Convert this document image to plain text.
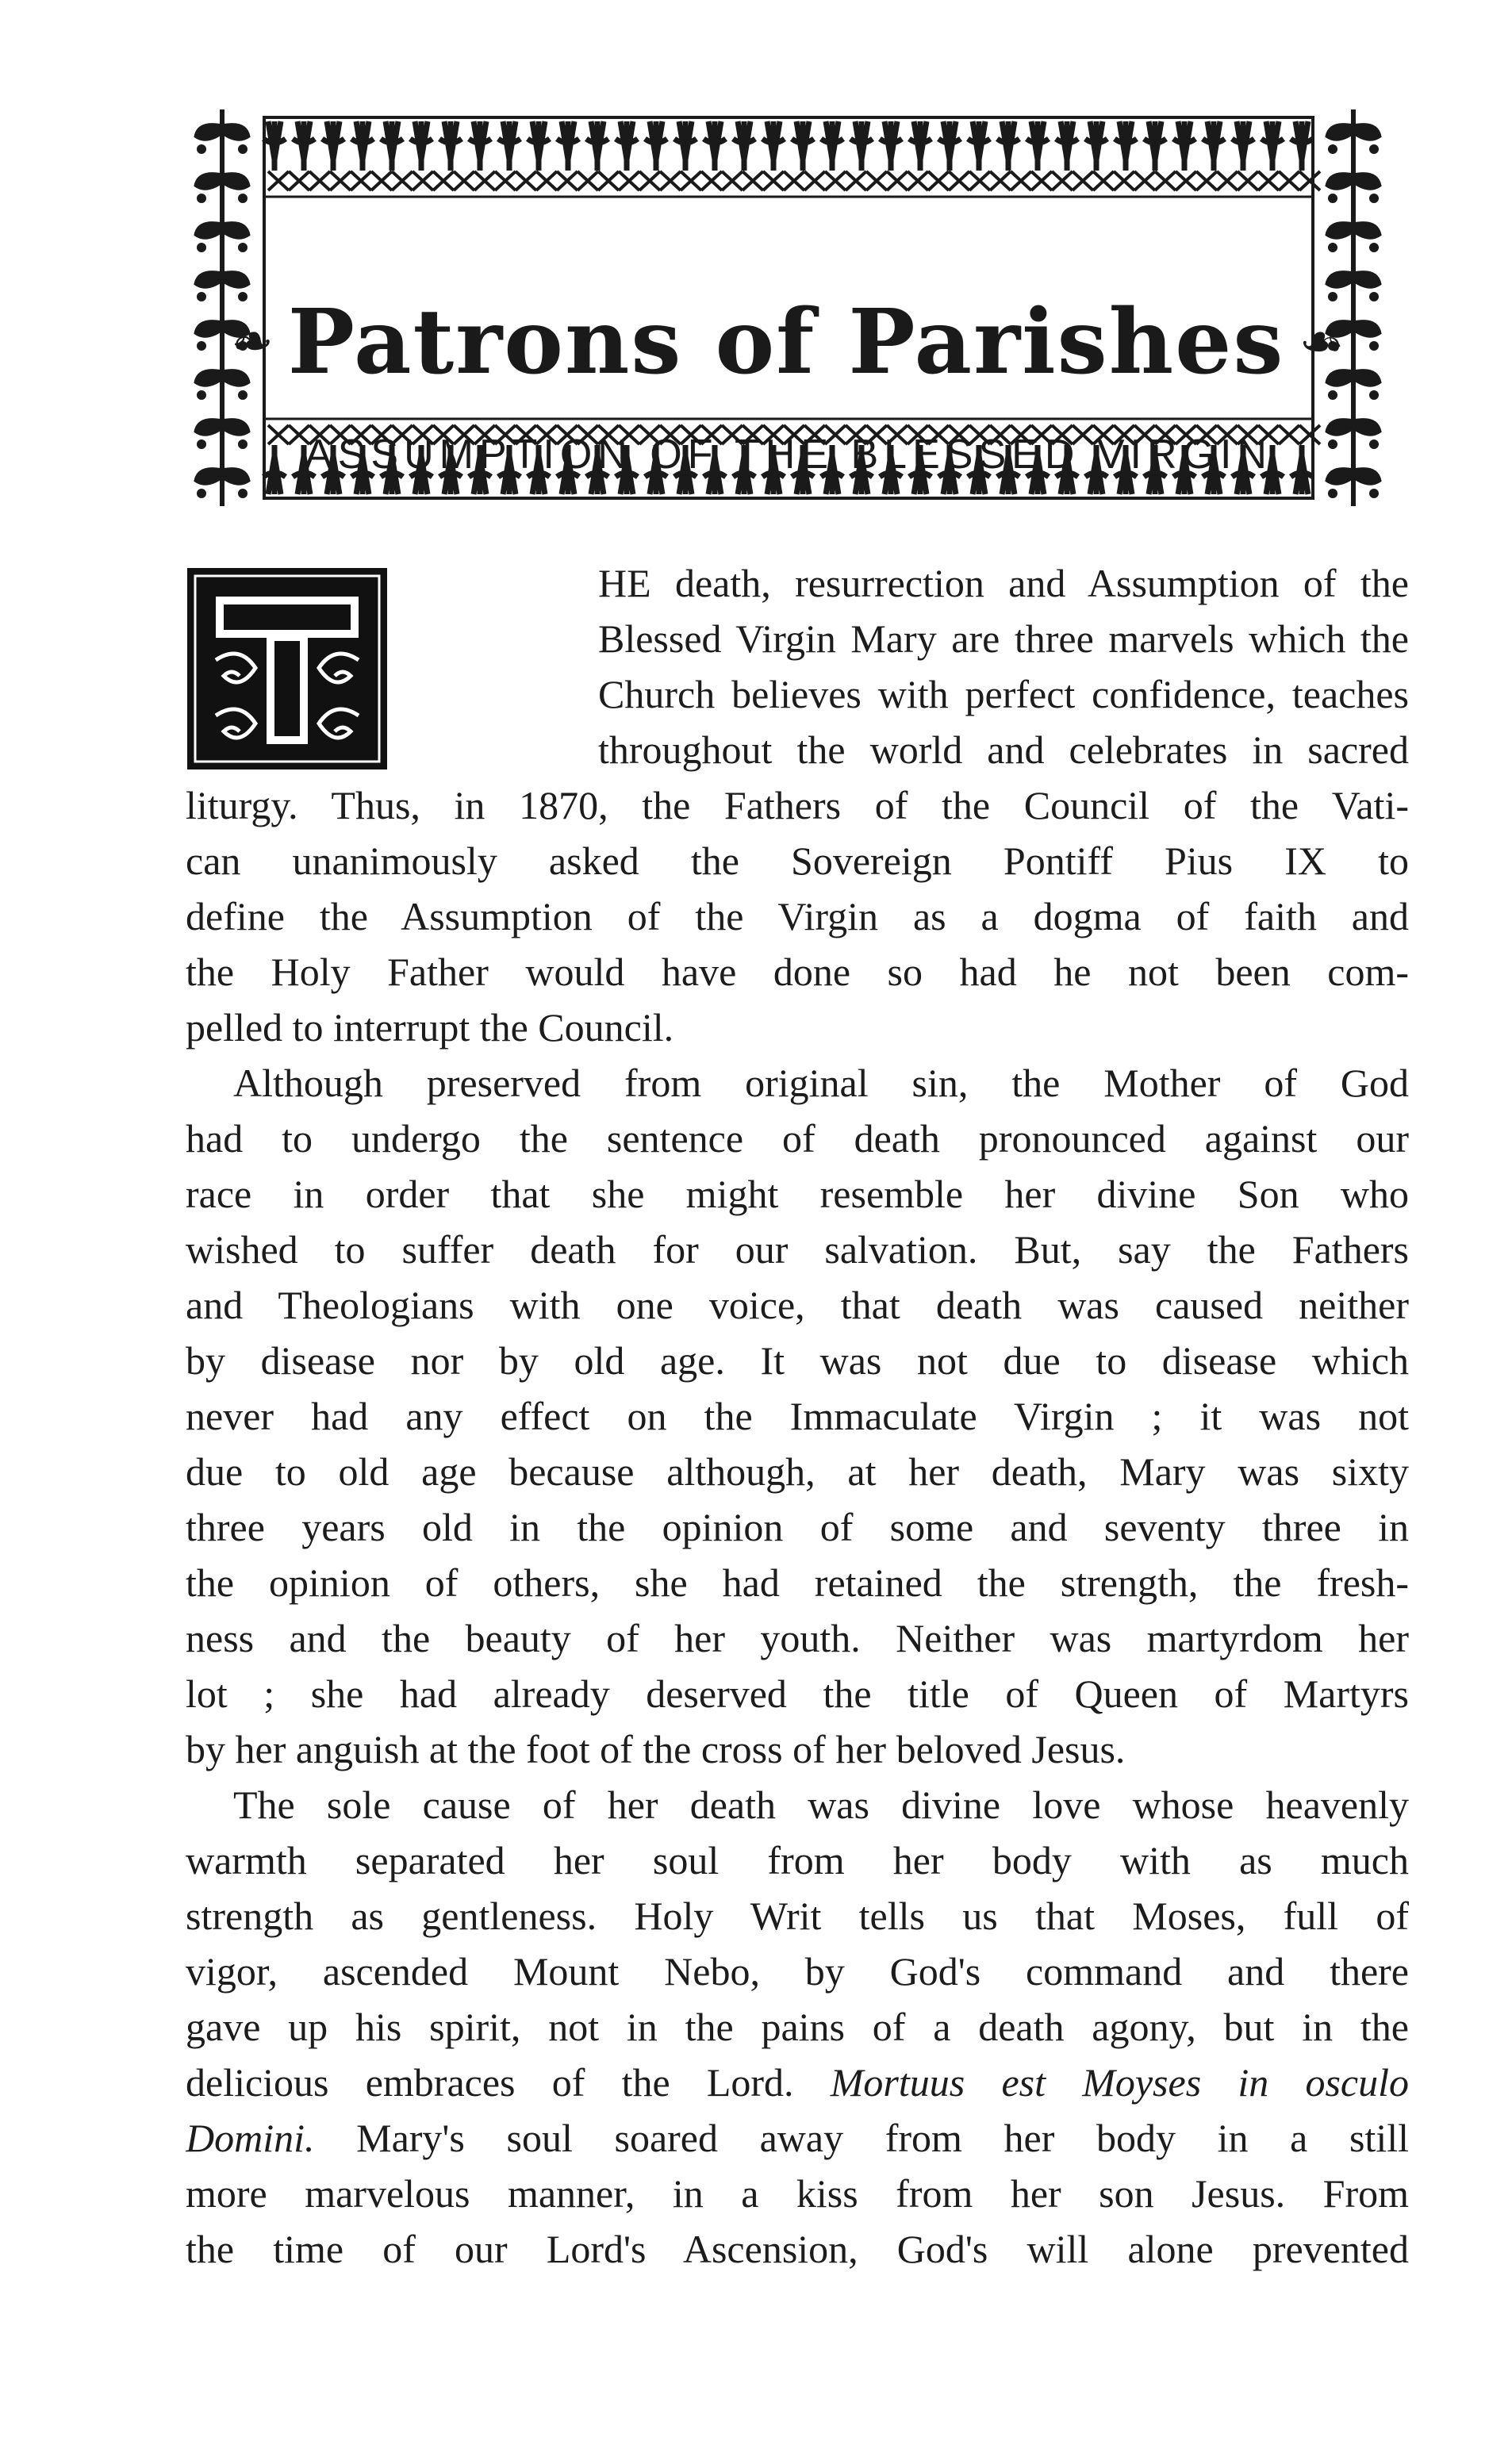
❧ Patrons of Parishes ☙
ASSUMPTION OF THE BLESSED VIRGIN
T	HE death, resurrection and Assumption of the
Blessed Virgin Mary are three marvels which the
Church believes with perfect confidence, teaches
throughout the world and celebrates in sacred
liturgy. Thus, in 1870, the Fathers of the Council of the Vati-
can unanimously asked the Sovereign Pontiff Pius IX to
define the Assumption of the Virgin as a dogma of faith and
the Holy Father would have done so had he not been com-
pelled to interrupt the Council.
Although preserved from original sin, the Mother of God
had to undergo the sentence of death pronounced against our
race in order that she might resemble her divine Son who
wished to suffer death for our salvation. But, say the Fathers
and Theologians with one voice, that death was caused neither
by disease nor by old age. It was not due to disease which
never had any effect on the Immaculate Virgin ; it was not
due to old age because although, at her death, Mary was sixty
three years old in the opinion of some and seventy three in
the opinion of others, she had retained the strength, the fresh-
ness and the beauty of her youth. Neither was martyrdom her
lot ; she had already deserved the title of Queen of Martyrs
by her anguish at the foot of the cross of her beloved Jesus.
The sole cause of her death was divine love whose heavenly
warmth separated her soul from her body with as much
strength as gentleness. Holy Writ tells us that Moses, full of
vigor, ascended Mount Nebo, by God's command and there
gave up his spirit, not in the pains of a death agony, but in the
delicious embraces of the Lord. Mortuus est Moyses in osculo
Domini. Mary's soul soared away from her body in a still
more marvelous manner, in a kiss from her son Jesus. From
the time of our Lord's Ascension, God's will alone prevented
